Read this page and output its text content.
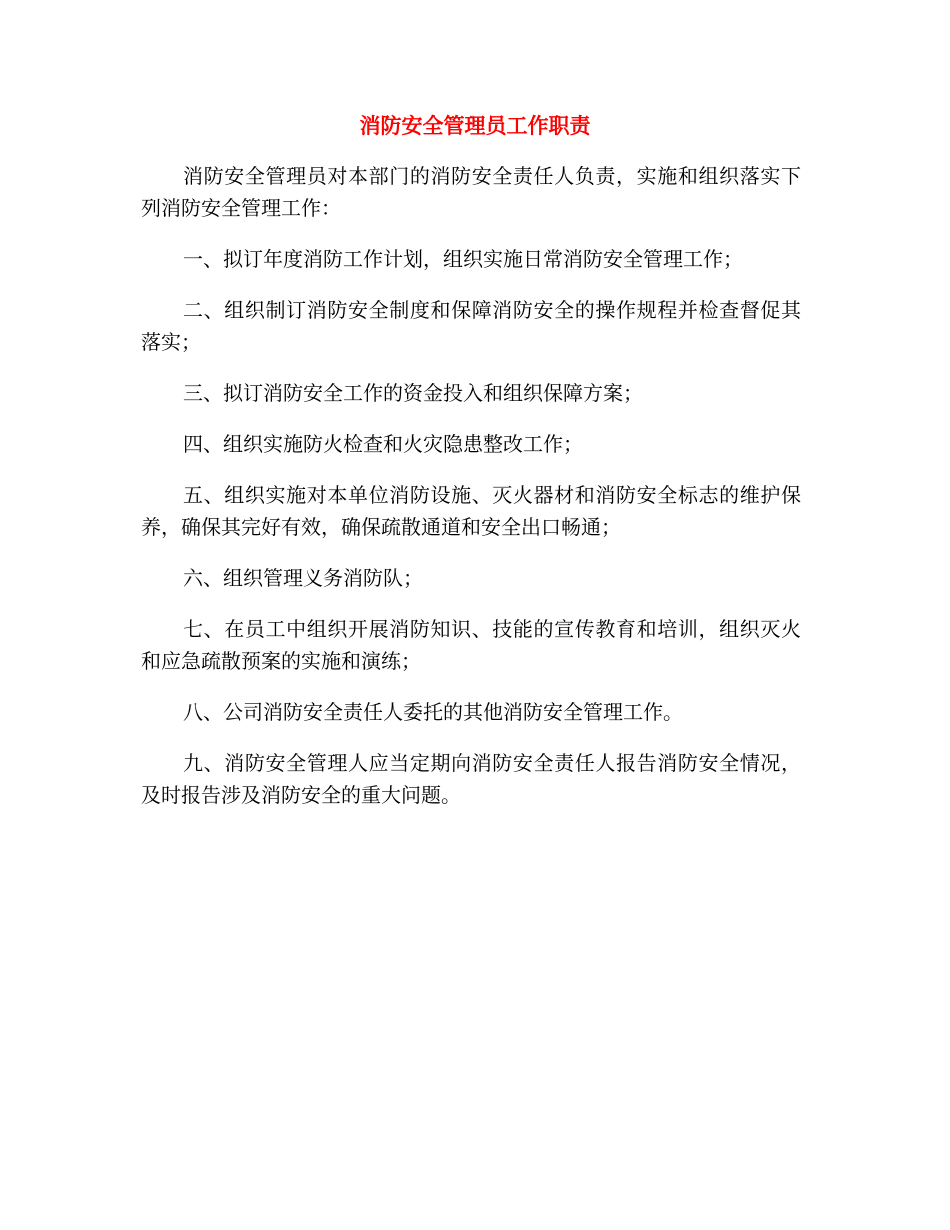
消防安全管理员工作职责

消防安全管理员对本部门的消防安全责任人负责，实施和组织落实下列消防安全管理工作：

一、拟订年度消防工作计划，组织实施日常消防安全管理工作；

二、组织制订消防安全制度和保障消防安全的操作规程并检查督促其落实；

三、拟订消防安全工作的资金投入和组织保障方案；

四、组织实施防火检查和火灾隐患整改工作；

五、组织实施对本单位消防设施、灭火器材和消防安全标志的维护保养，确保其完好有效，确保疏散通道和安全出口畅通；

六、组织管理义务消防队；

七、在员工中组织开展消防知识、技能的宣传教育和培训，组织灭火和应急疏散预案的实施和演练；

八、公司消防安全责任人委托的其他消防安全管理工作。

九、消防安全管理人应当定期向消防安全责任人报告消防安全情况，及时报告涉及消防安全的重大问题。
